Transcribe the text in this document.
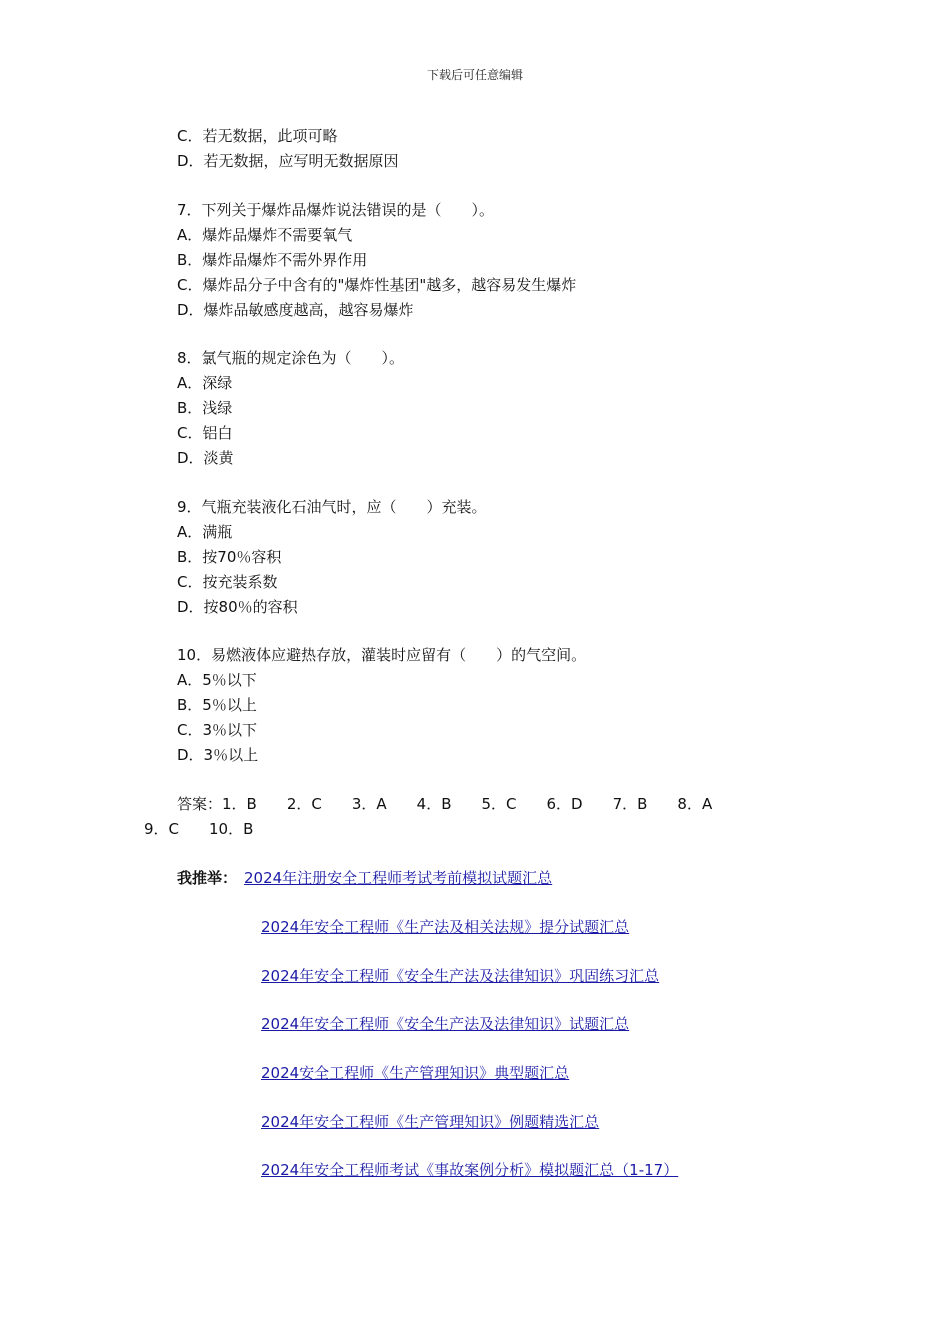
下载后可任意编辑
C．若无数据，此项可略
D．若无数据，应写明无数据原因
7．下列关于爆炸品爆炸说法错误的是（　　）。
A．爆炸品爆炸不需要氧气
B．爆炸品爆炸不需外界作用
C．爆炸品分子中含有的"爆炸性基团"越多，越容易发生爆炸
D．爆炸品敏感度越高，越容易爆炸
8．氯气瓶的规定涂色为（　　）。
A．深绿
B．浅绿
C．铝白
D．淡黄
9．气瓶充装液化石油气时，应（　　）充装。
A．满瓶
B．按70％容积
C．按充装系数
D．按80％的容积
10．易燃液体应避热存放，灌装时应留有（　　）的气空间。
A．5％以下
B．5％以上
C．3％以下
D．3％以上
答案：1．B　　2．C　　3．A　　4．B　　5．C　　6．D　　7．B　　8．A
9．C　　10．B
我推举： 2024年注册安全工程师考试考前模拟试题汇总
2024年安全工程师《生产法及相关法规》提分试题汇总
2024年安全工程师《安全生产法及法律知识》巩固练习汇总
2024年安全工程师《安全生产法及法律知识》试题汇总
2024安全工程师《生产管理知识》典型题汇总
2024年安全工程师《生产管理知识》例题精选汇总
2024年安全工程师考试《事故案例分析》模拟题汇总（1-17）
